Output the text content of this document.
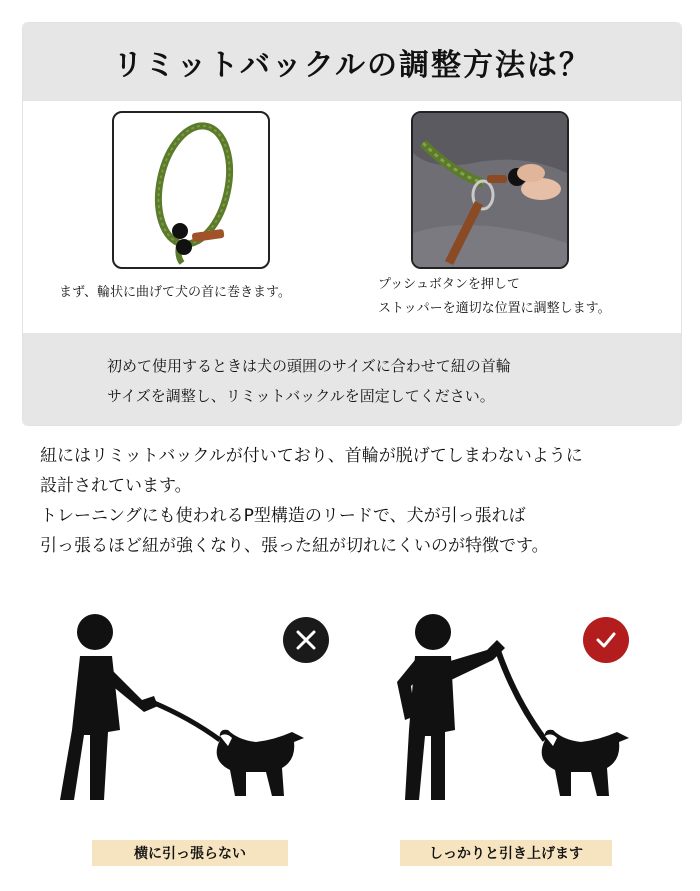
リミットバックルの調整方法は？
まず、輪状に曲げて犬の首に巻きます。
プッシュボタンを押して
ストッパーを適切な位置に調整します。
初めて使用するときは犬の頭囲のサイズに合わせて紐の首輪
サイズを調整し、リミットバックルを固定してください。
紐にはリミットバックルが付いており、首輪が脱げてしまわないように
設計されています。
トレーニングにも使われるP型構造のリードで、犬が引っ張れば
引っ張るほど紐が強くなり、張った紐が切れにくいのが特徴です。
横に引っ張らない	しっかりと引き上げます
